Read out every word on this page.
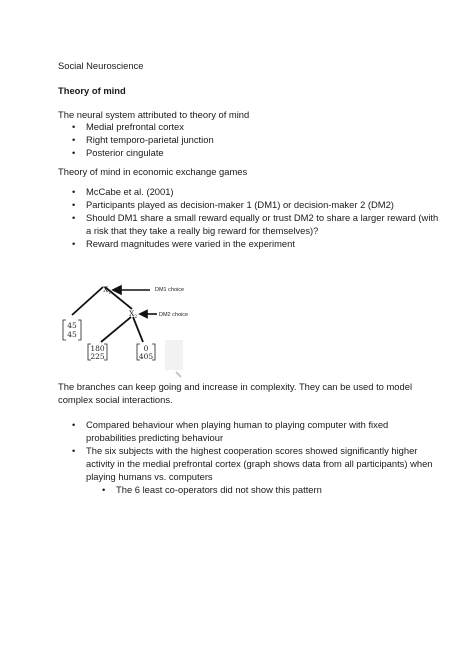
Social Neuroscience
Theory of mind
The neural system attributed to theory of mind
• Medial prefrontal cortex
• Right temporo-parietal junction
• Posterior cingulate
Theory of mind in economic exchange games
• McCabe et al. (2001)
• Participants played as decision-maker 1 (DM1) or decision-maker 2 (DM2)
• Should DM1 share a small reward equally or trust DM2 to share a larger reward (with
a risk that they take a really big reward for themselves)?
• Reward magnitudes were varied in the experiment
$X_1$
$X_2$
DM1 choice
DM2 choice
45
45
180
225
0
405
The branches can keep going and increase in complexity. They can be used to model
complex social interactions.
• Compared behaviour when playing human to playing computer with fixed
probabilities predicting behaviour
• The six subjects with the highest cooperation scores showed significantly higher
activity in the medial prefrontal cortex (graph shows data from all participants) when
playing humans vs. computers
• The 6 least co-operators did not show this pattern
